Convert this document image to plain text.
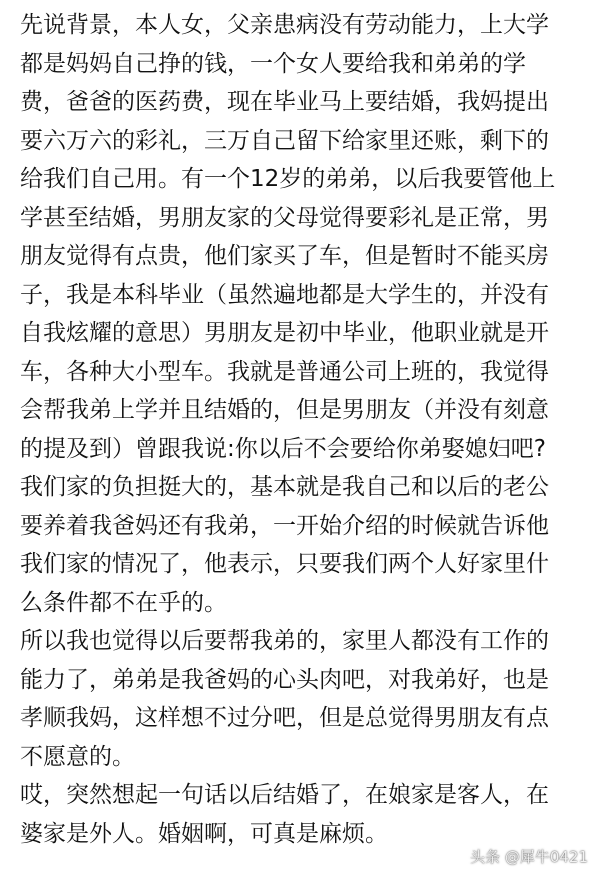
先说背景，本人女，父亲患病没有劳动能力，上大学
都是妈妈自己挣的钱，一个女人要给我和弟弟的学
费，爸爸的医药费，现在毕业马上要结婚，我妈提出
要六万六的彩礼，三万自己留下给家里还账，剩下的
给我们自己用。有一个12岁的弟弟，以后我要管他上
学甚至结婚，男朋友家的父母觉得要彩礼是正常，男
朋友觉得有点贵，他们家买了车，但是暂时不能买房
子，我是本科毕业（虽然遍地都是大学生的，并没有
自我炫耀的意思）男朋友是初中毕业，他职业就是开
车，各种大小型车。我就是普通公司上班的，我觉得
会帮我弟上学并且结婚的，但是男朋友（并没有刻意
的提及到）曾跟我说:你以后不会要给你弟娶媳妇吧?
我们家的负担挺大的，基本就是我自己和以后的老公
要养着我爸妈还有我弟，一开始介绍的时候就告诉他
我们家的情况了，他表示，只要我们两个人好家里什
么条件都不在乎的。
所以我也觉得以后要帮我弟的，家里人都没有工作的
能力了，弟弟是我爸妈的心头肉吧，对我弟好，也是
孝顺我妈，这样想不过分吧，但是总觉得男朋友有点
不愿意的。
哎，突然想起一句话以后结婚了，在娘家是客人，在
婆家是外人。婚姻啊，可真是麻烦。
头条 @犀牛0421
